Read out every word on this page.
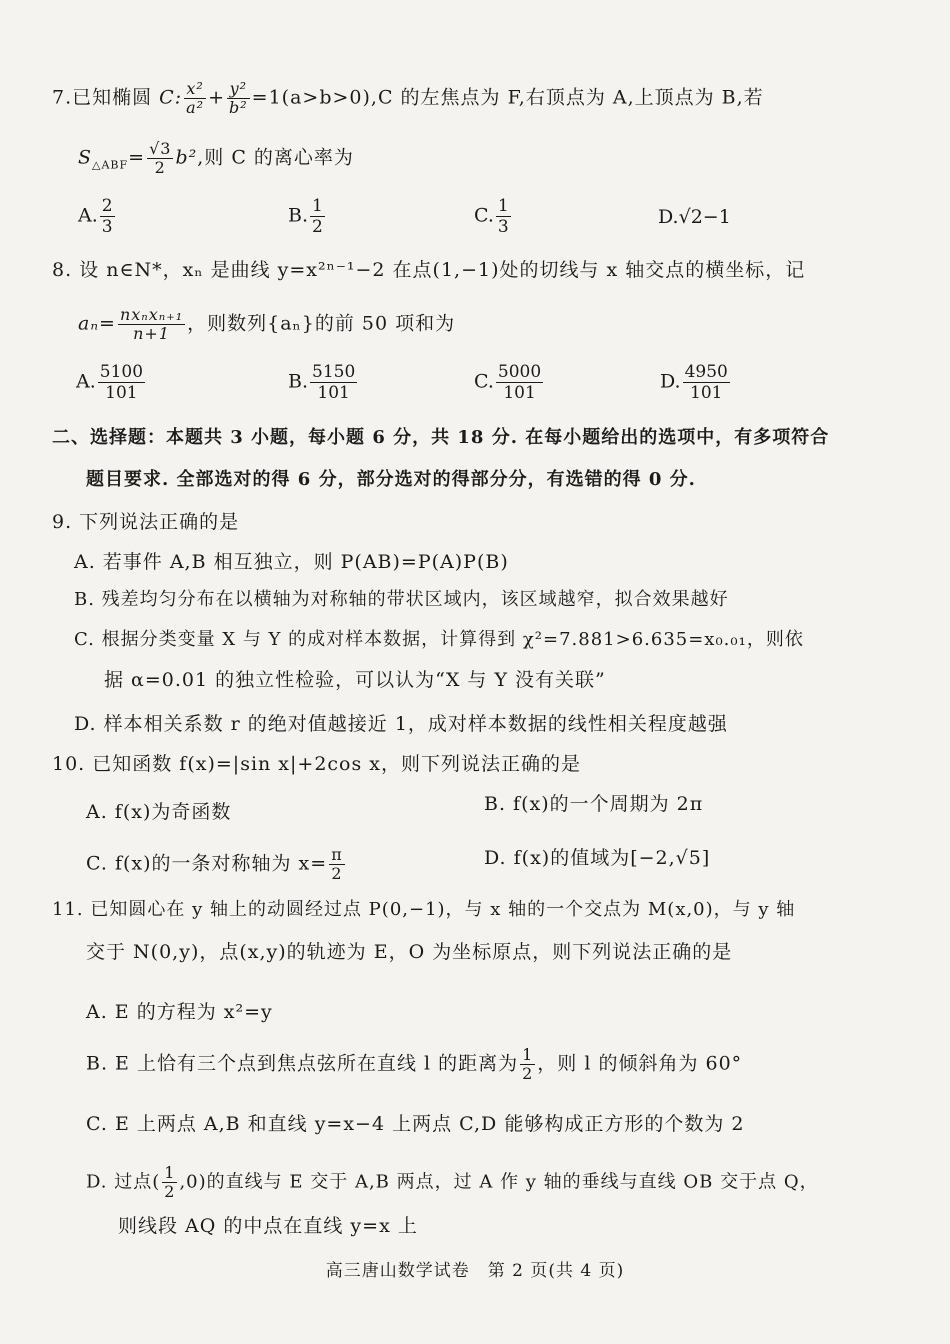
7.已知椭圆 C: $\frac{\text{x²}}{\text{a²}} + \frac{\text{y²}}{\text{b²}} =1(a>b>0),C$ 的左焦点为 F,右顶点为 A,上顶点为 B,若
$S_{\triangle ABF}= \frac{√3}{2} b^2$,则 C 的离心率为
A. $\frac{2}{3}$	B. $\frac{1}{2}$	C. $\frac{1}{3}$	D.√2−1
8. 设 n∈N*，xₙ 是曲线 y=x²ⁿ⁻¹−2 在点(1,−1)处的切线与 x 轴交点的横坐标，记
$a_n= \frac{\text{nxₙxₙ₊₁}}{n+1}$ ，则数列{aₙ}的前 50 项和为
A. $\frac{5100}{101}$	B. $\frac{5150}{101}$	C. $\frac{5000}{101}$	D. $\frac{4950}{101}$
二、选择题：本题共 3 小题，每小题 6 分，共 18 分. 在每小题给出的选项中，有多项符合
题目要求. 全部选对的得 6 分，部分选对的得部分分，有选错的得 0 分.
9. 下列说法正确的是
A. 若事件 A,B 相互独立，则 P(AB)=P(A)P(B)
B. 残差均匀分布在以横轴为对称轴的带状区域内，该区域越窄，拟合效果越好
C. 根据分类变量 X 与 Y 的成对样本数据，计算得到 χ²=7.881>6.635=x₀.₀₁，则依
据 α=0.01 的独立性检验，可以认为“X 与 Y 没有关联”
D. 样本相关系数 r 的绝对值越接近 1，成对样本数据的线性相关程度越强
10. 已知函数 f(x)=|sin x|+2cos x，则下列说法正确的是
A. f(x)为奇函数	B. f(x)的一个周期为 2π
C. f(x)的一条对称轴为 $x= \frac{\pi}{2}$	D. f(x)的值域为[−2,√5]
11. 已知圆心在 y 轴上的动圆经过点 P(0,−1)，与 x 轴的一个交点为 M(x,0)，与 y 轴
交于 N(0,y)，点(x,y)的轨迹为 E，O 为坐标原点，则下列说法正确的是
A. E 的方程为 x²=y
B. E 上恰有三个点到焦点弦所在直线 l 的距离为 $\frac{1}{2}$ ，则 l 的倾斜角为 60°
C. E 上两点 A,B 和直线 y=x−4 上两点 C,D 能够构成正方形的个数为 2
D. 过点( $\frac{1}{2} ,0$)的直线与 E 交于 A,B 两点，过 A 作 y 轴的垂线与直线 OB 交于点 Q，
则线段 AQ 的中点在直线 y=x 上
高三唐山数学试卷　第 2 页(共 4 页)
